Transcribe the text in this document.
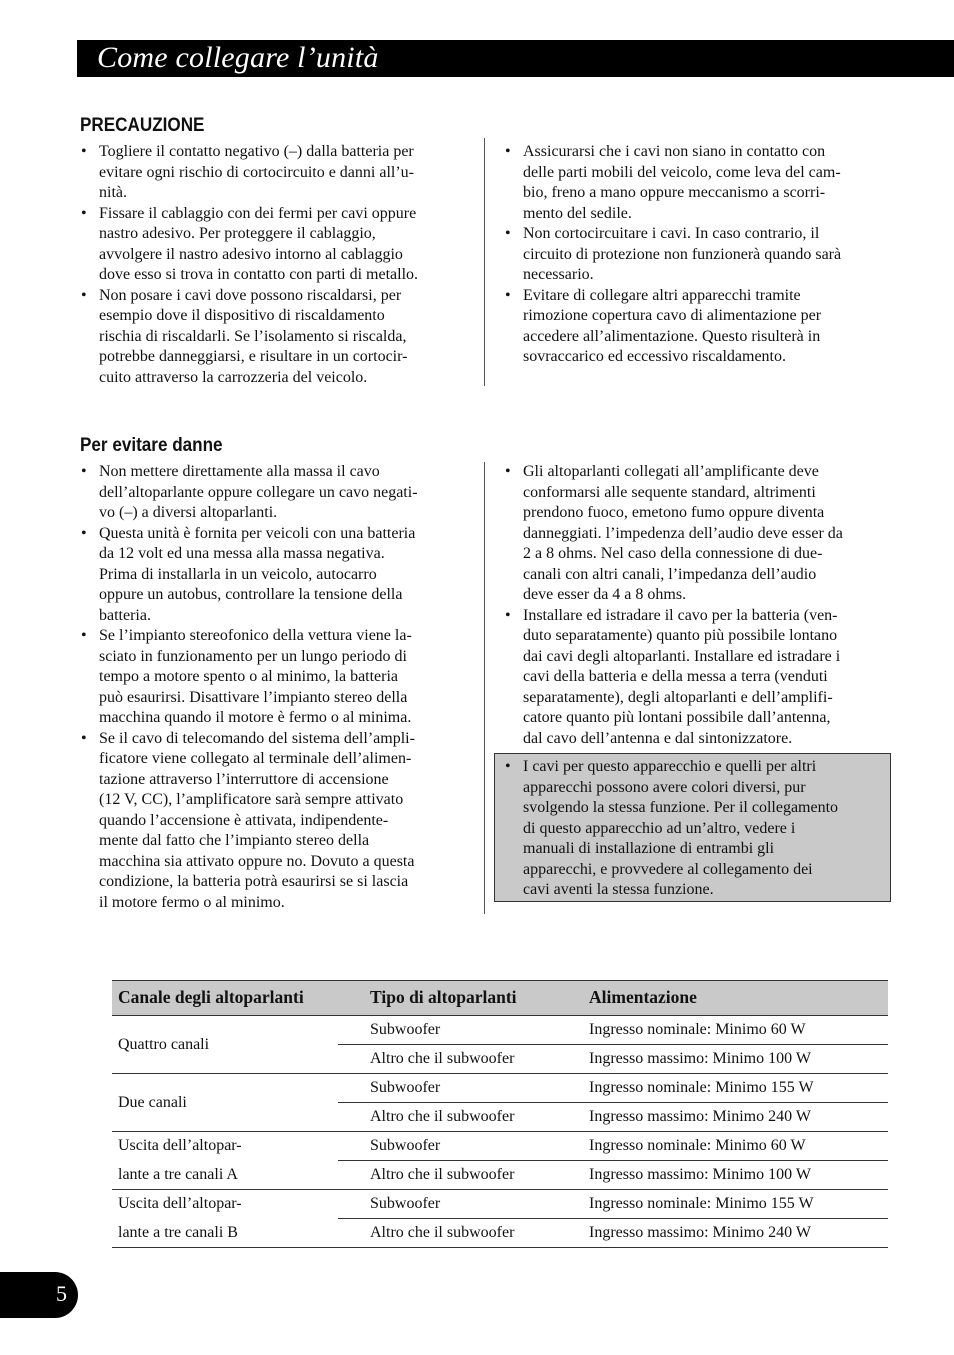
Come collegare l’unità
PRECAUZIONE
• Togliere il contatto negativo (–) dalla batteria per
evitare ogni rischio di cortocircuito e danni all’u-
nità.
• Fissare il cablaggio con dei fermi per cavi oppure
nastro adesivo. Per proteggere il cablaggio,
avvolgere il nastro adesivo intorno al cablaggio
dove esso si trova in contatto con parti di metallo.
• Non posare i cavi dove possono riscaldarsi, per
esempio dove il dispositivo di riscaldamento
rischia di riscaldarli. Se l’isolamento si riscalda,
potrebbe danneggiarsi, e risultare in un cortocir-
cuito attraverso la carrozzeria del veicolo.
• Assicurarsi che i cavi non siano in contatto con
delle parti mobili del veicolo, come leva del cam-
bio, freno a mano oppure meccanismo a scorri-
mento del sedile.
• Non cortocircuitare i cavi. In caso contrario, il
circuito di protezione non funzionerà quando sarà
necessario.
• Evitare di collegare altri apparecchi tramite
rimozione copertura cavo di alimentazione per
accedere all’alimentazione. Questo risulterà in
sovraccarico ed eccessivo riscaldamento.
Per evitare danne
• Non mettere direttamente alla massa il cavo
dell’altoparlante oppure collegare un cavo negati-
vo (–) a diversi altoparlanti.
• Questa unità è fornita per veicoli con una batteria
da 12 volt ed una messa alla massa negativa.
Prima di installarla in un veicolo, autocarro
oppure un autobus, controllare la tensione della
batteria.
• Se l’impianto stereofonico della vettura viene la-
sciato in funzionamento per un lungo periodo di
tempo a motore spento o al minimo, la batteria
può esaurirsi. Disattivare l’impianto stereo della
macchina quando il motore è fermo o al minima.
• Se il cavo di telecomando del sistema dell’ampli-
ficatore viene collegato al terminale dell’alimen-
tazione attraverso l’interruttore di accensione
(12 V, CC), l’amplificatore sarà sempre attivato
quando l’accensione è attivata, indipendente-
mente dal fatto che l’impianto stereo della
macchina sia attivato oppure no. Dovuto a questa
condizione, la batteria potrà esaurirsi se si lascia
il motore fermo o al minimo.
• Gli altoparlanti collegati all’amplificante deve
conformarsi alle sequente standard, altrimenti
prendono fuoco, emetono fumo oppure diventa
danneggiati. l’impedenza dell’audio deve esser da
2 a 8 ohms. Nel caso della connessione di due-
canali con altri canali, l’impedanza dell’audio
deve esser da 4 a 8 ohms.
• Installare ed istradare il cavo per la batteria (ven-
duto separatamente) quanto più possibile lontano
dai cavi degli altoparlanti. Installare ed istradare i
cavi della batteria e della messa a terra (venduti
separatamente), degli altoparlanti e dell’amplifi-
catore quanto più lontani possibile dall’antenna,
dal cavo dell’antenna e dal sintonizzatore.
• I cavi per questo apparecchio e quelli per altri
apparecchi possono avere colori diversi, pur
svolgendo la stessa funzione. Per il collegamento
di questo apparecchio ad un’altro, vedere i
manuali di installazione di entrambi gli
apparecchi, e provvedere al collegamento dei
cavi aventi la stessa funzione.
Canale degli altoparlanti	Tipo di altoparlanti	Alimentazione
Quattro canali	Subwoofer	Ingresso nominale: Minimo 60 W
	Altro che il subwoofer	Ingresso massimo: Minimo 100 W
Due canali	Subwoofer	Ingresso nominale: Minimo 155 W
	Altro che il subwoofer	Ingresso massimo: Minimo 240 W
Uscita dell’altopar-	Subwoofer	Ingresso nominale: Minimo 60 W
lante a tre canali A	Altro che il subwoofer	Ingresso massimo: Minimo 100 W
Uscita dell’altopar-	Subwoofer	Ingresso nominale: Minimo 155 W
lante a tre canali B	Altro che il subwoofer	Ingresso massimo: Minimo 240 W
5
